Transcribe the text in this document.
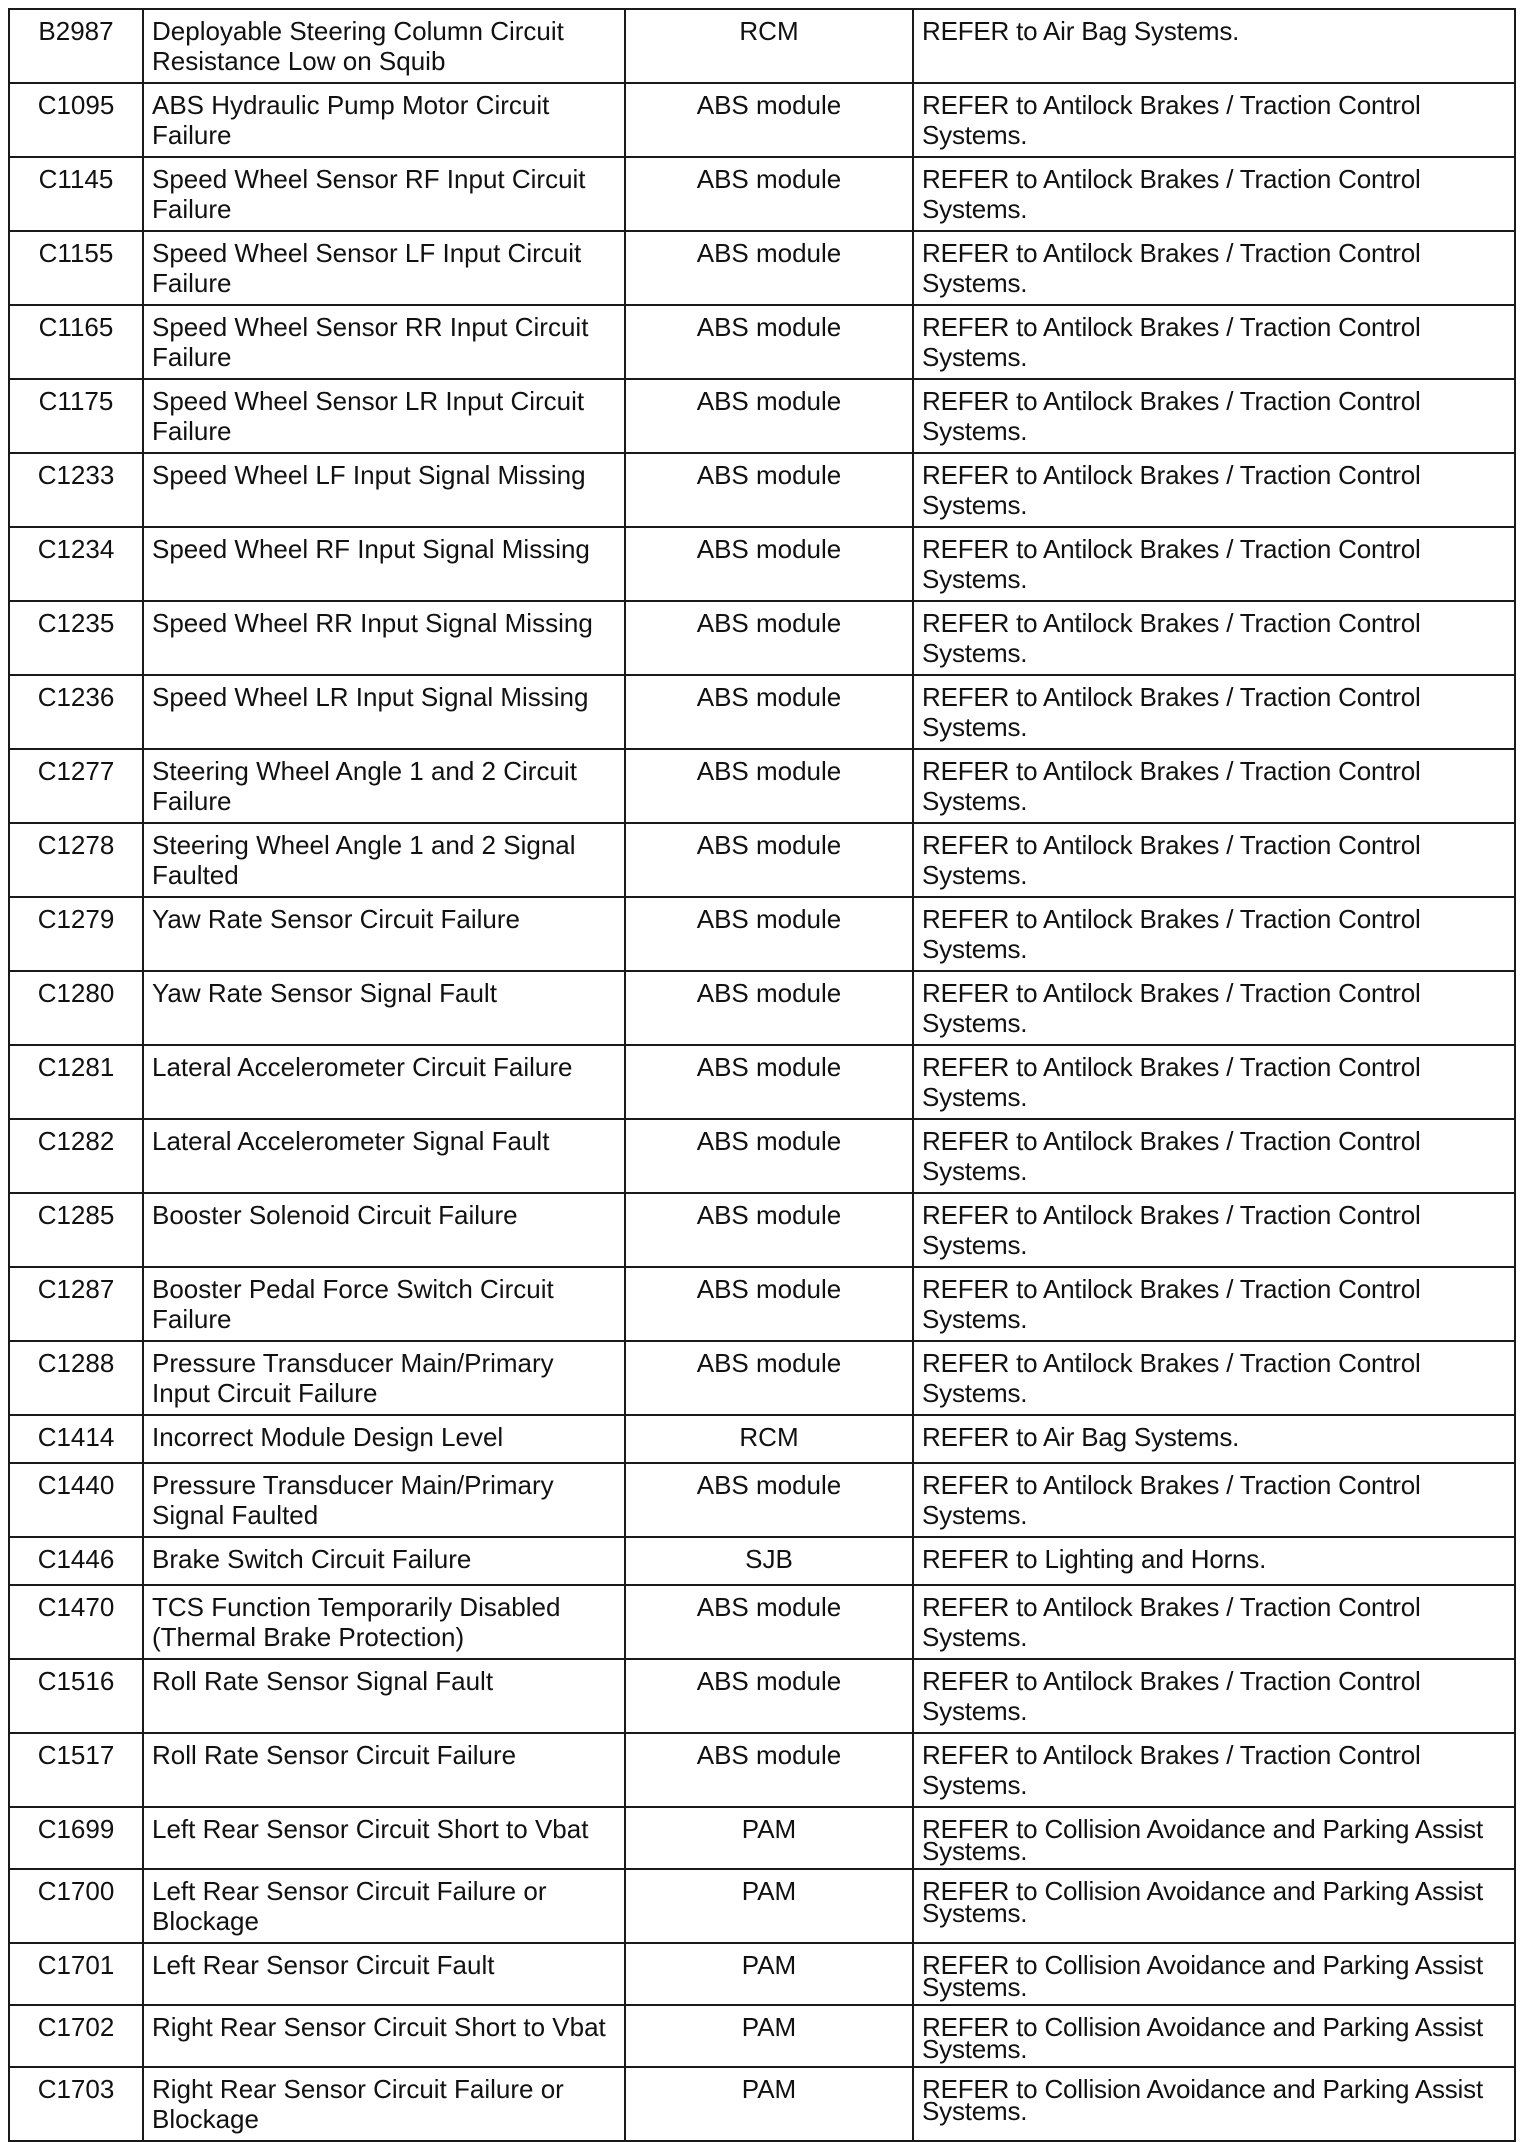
B2987	Deployable Steering Column Circuit Resistance Low on Squib	RCM	REFER to Air Bag Systems.
C1095	ABS Hydraulic Pump Motor Circuit Failure	ABS module	REFER to Antilock Brakes / Traction Control Systems.
C1145	Speed Wheel Sensor RF Input Circuit Failure	ABS module	REFER to Antilock Brakes / Traction Control Systems.
C1155	Speed Wheel Sensor LF Input Circuit Failure	ABS module	REFER to Antilock Brakes / Traction Control Systems.
C1165	Speed Wheel Sensor RR Input Circuit Failure	ABS module	REFER to Antilock Brakes / Traction Control Systems.
C1175	Speed Wheel Sensor LR Input Circuit Failure	ABS module	REFER to Antilock Brakes / Traction Control Systems.
C1233	Speed Wheel LF Input Signal Missing	ABS module	REFER to Antilock Brakes / Traction Control Systems.
C1234	Speed Wheel RF Input Signal Missing	ABS module	REFER to Antilock Brakes / Traction Control Systems.
C1235	Speed Wheel RR Input Signal Missing	ABS module	REFER to Antilock Brakes / Traction Control Systems.
C1236	Speed Wheel LR Input Signal Missing	ABS module	REFER to Antilock Brakes / Traction Control Systems.
C1277	Steering Wheel Angle 1 and 2 Circuit Failure	ABS module	REFER to Antilock Brakes / Traction Control Systems.
C1278	Steering Wheel Angle 1 and 2 Signal Faulted	ABS module	REFER to Antilock Brakes / Traction Control Systems.
C1279	Yaw Rate Sensor Circuit Failure	ABS module	REFER to Antilock Brakes / Traction Control Systems.
C1280	Yaw Rate Sensor Signal Fault	ABS module	REFER to Antilock Brakes / Traction Control Systems.
C1281	Lateral Accelerometer Circuit Failure	ABS module	REFER to Antilock Brakes / Traction Control Systems.
C1282	Lateral Accelerometer Signal Fault	ABS module	REFER to Antilock Brakes / Traction Control Systems.
C1285	Booster Solenoid Circuit Failure	ABS module	REFER to Antilock Brakes / Traction Control Systems.
C1287	Booster Pedal Force Switch Circuit Failure	ABS module	REFER to Antilock Brakes / Traction Control Systems.
C1288	Pressure Transducer Main/Primary Input Circuit Failure	ABS module	REFER to Antilock Brakes / Traction Control Systems.
C1414	Incorrect Module Design Level	RCM	REFER to Air Bag Systems.
C1440	Pressure Transducer Main/Primary Signal Faulted	ABS module	REFER to Antilock Brakes / Traction Control Systems.
C1446	Brake Switch Circuit Failure	SJB	REFER to Lighting and Horns.
C1470	TCS Function Temporarily Disabled (Thermal Brake Protection)	ABS module	REFER to Antilock Brakes / Traction Control Systems.
C1516	Roll Rate Sensor Signal Fault	ABS module	REFER to Antilock Brakes / Traction Control Systems.
C1517	Roll Rate Sensor Circuit Failure	ABS module	REFER to Antilock Brakes / Traction Control Systems.
C1699	Left Rear Sensor Circuit Short to Vbat	PAM	REFER to Collision Avoidance and Parking Assist Systems.
C1700	Left Rear Sensor Circuit Failure or Blockage	PAM	REFER to Collision Avoidance and Parking Assist Systems.
C1701	Left Rear Sensor Circuit Fault	PAM	REFER to Collision Avoidance and Parking Assist Systems.
C1702	Right Rear Sensor Circuit Short to Vbat	PAM	REFER to Collision Avoidance and Parking Assist Systems.
C1703	Right Rear Sensor Circuit Failure or Blockage	PAM	REFER to Collision Avoidance and Parking Assist Systems.
